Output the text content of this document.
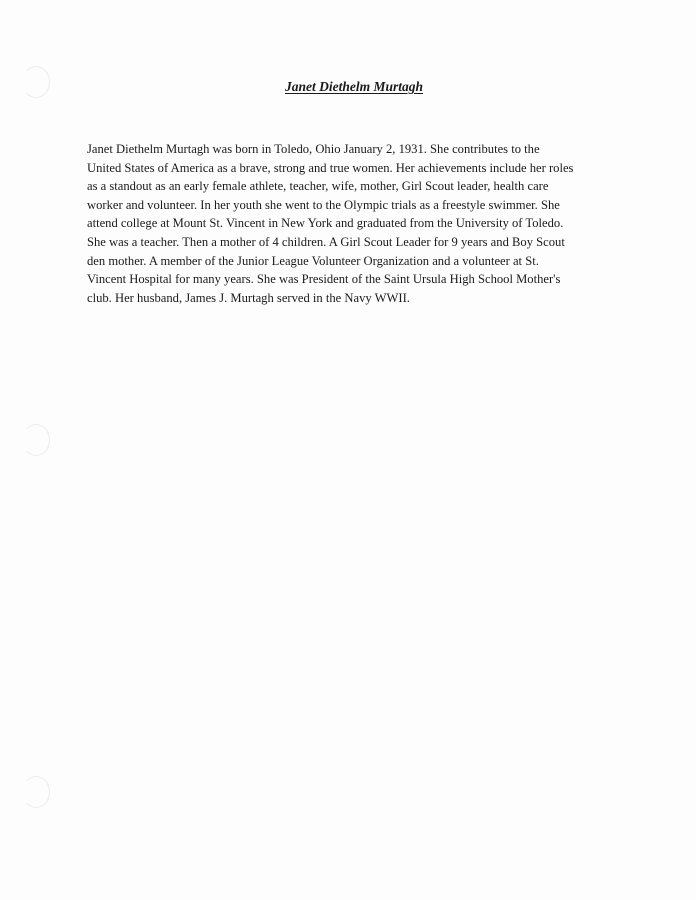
Janet Diethelm Murtagh

Janet Diethelm Murtagh was born in Toledo, Ohio January 2, 1931. She contributes to the
United States of America as a brave, strong and true women. Her achievements include her roles
as a standout as an early female athlete, teacher, wife, mother, Girl Scout leader, health care
worker and volunteer. In her youth she went to the Olympic trials as a freestyle swimmer. She
attend college at Mount St. Vincent in New York and graduated from the University of Toledo.
She was a teacher. Then a mother of 4 children. A Girl Scout Leader for 9 years and Boy Scout
den mother. A member of the Junior League Volunteer Organization and a volunteer at St.
Vincent Hospital for many years. She was President of the Saint Ursula High School Mother's
club. Her husband, James J. Murtagh served in the Navy WWII.
